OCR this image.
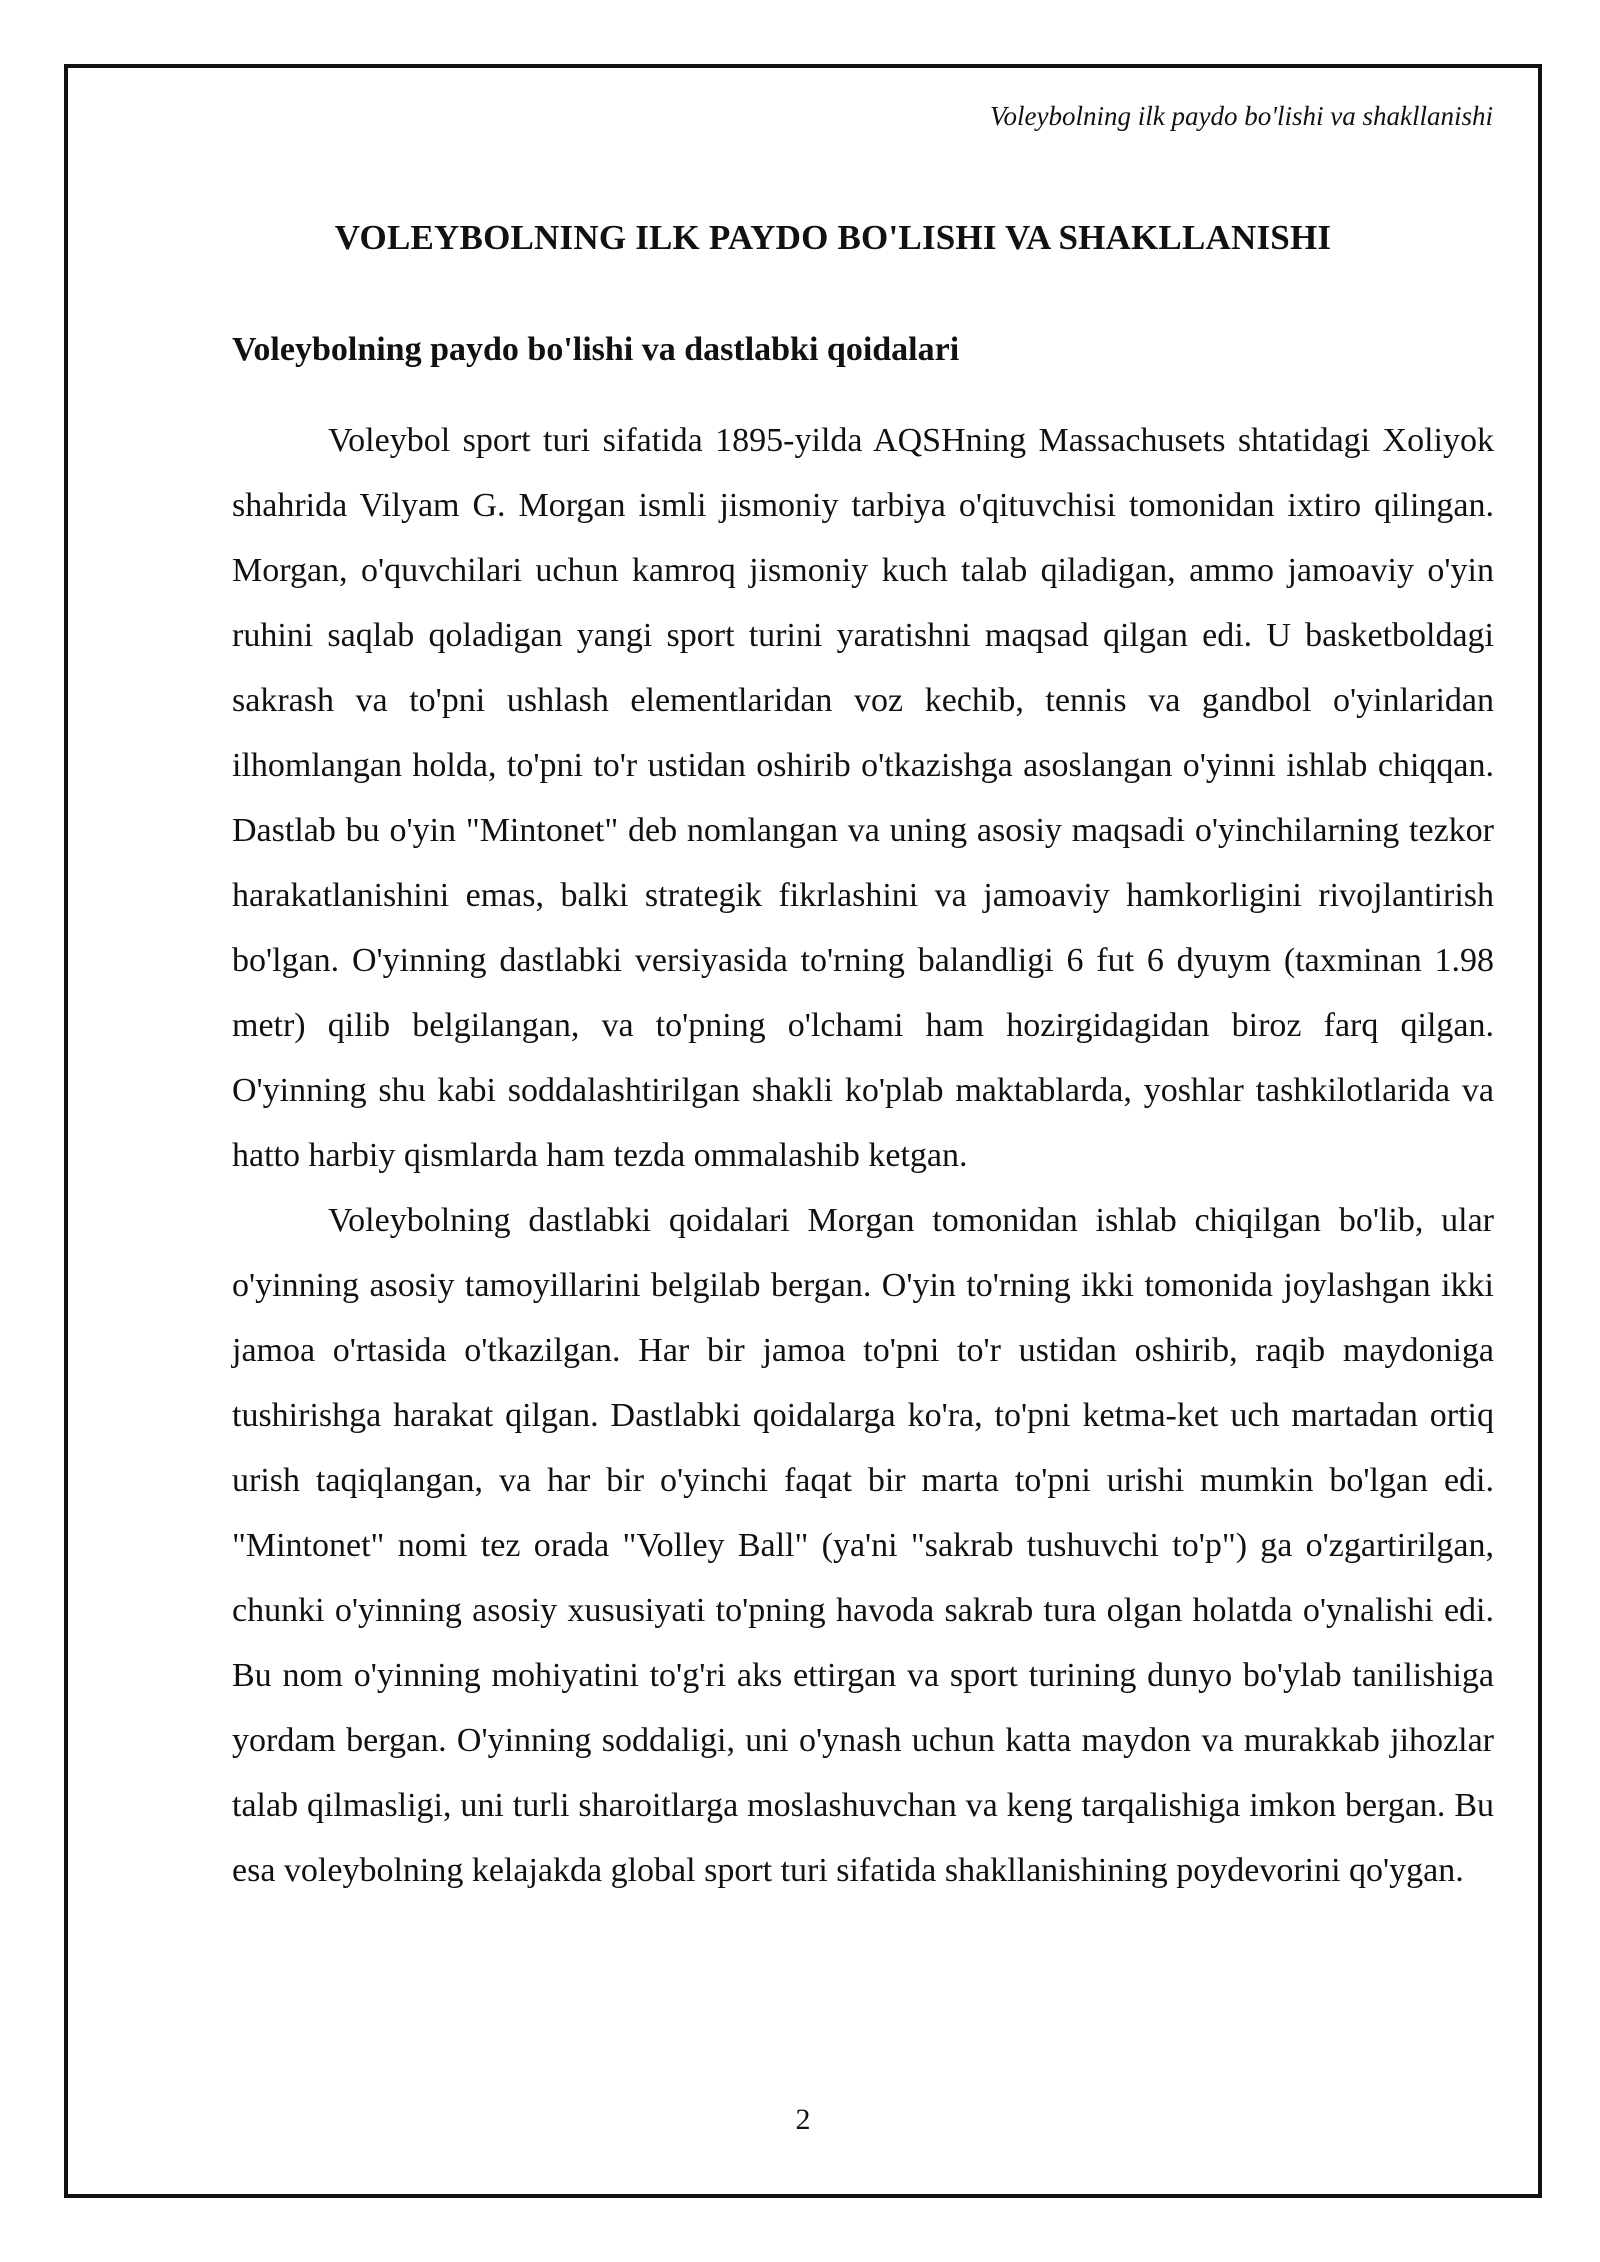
Voleybolning ilk paydo bo'lishi va shakllanishi
VOLEYBOLNING ILK PAYDO BO'LISHI VA SHAKLLANISHI
Voleybolning paydo bo'lishi va dastlabki qoidalari

Voleybol sport turi sifatida 1895-yilda AQSHning Massachusets shtatidagi Xoliyok shahrida Vilyam G. Morgan ismli jismoniy tarbiya o'qituvchisi tomonidan ixtiro qilingan. Morgan, o'quvchilari uchun kamroq jismoniy kuch talab qiladigan, ammo jamoaviy o'yin ruhini saqlab qoladigan yangi sport turini yaratishni maqsad qilgan edi. U basketboldagi sakrash va to'pni ushlash elementlaridan voz kechib, tennis va gandbol o'yinlaridan ilhomlangan holda, to'pni to'r ustidan oshirib o'tkazishga asoslangan o'yinni ishlab chiqqan. Dastlab bu o'yin "Mintonet" deb nomlangan va uning asosiy maqsadi o'yinchilarning tezkor harakatlanishini emas, balki strategik fikrlashini va jamoaviy hamkorligini rivojlantirish bo'lgan. O'yinning dastlabki versiyasida to'rning balandligi 6 fut 6 dyuym (taxminan 1.98 metr) qilib belgilangan, va to'pning o'lchami ham hozirgidagidan biroz farq qilgan. O'yinning shu kabi soddalashtirilgan shakli ko'plab maktablarda, yoshlar tashkilotlarida va hatto harbiy qismlarda ham tezda ommalashib ketgan.

Voleybolning dastlabki qoidalari Morgan tomonidan ishlab chiqilgan bo'lib, ular o'yinning asosiy tamoyillarini belgilab bergan. O'yin to'rning ikki tomonida joylashgan ikki jamoa o'rtasida o'tkazilgan. Har bir jamoa to'pni to'r ustidan oshirib, raqib maydoniga tushirishga harakat qilgan. Dastlabki qoidalarga ko'ra, to'pni ketma-ket uch martadan ortiq urish taqiqlangan, va har bir o'yinchi faqat bir marta to'pni urishi mumkin bo'lgan edi. "Mintonet" nomi tez orada "Volley Ball" (ya'ni "sakrab tushuvchi to'p") ga o'zgartirilgan, chunki o'yinning asosiy xususiyati to'pning havoda sakrab tura olgan holatda o'ynalishi edi. Bu nom o'yinning mohiyatini to'g'ri aks ettirgan va sport turining dunyo bo'ylab tanilishiga yordam bergan. O'yinning soddaligi, uni o'ynash uchun katta maydon va murakkab jihozlar talab qilmasligi, uni turli sharoitlarga moslashuvchan va keng tarqalishiga imkon bergan. Bu esa voleybolning kelajakda global sport turi sifatida shakllanishining poydevorini qo'ygan.

2
